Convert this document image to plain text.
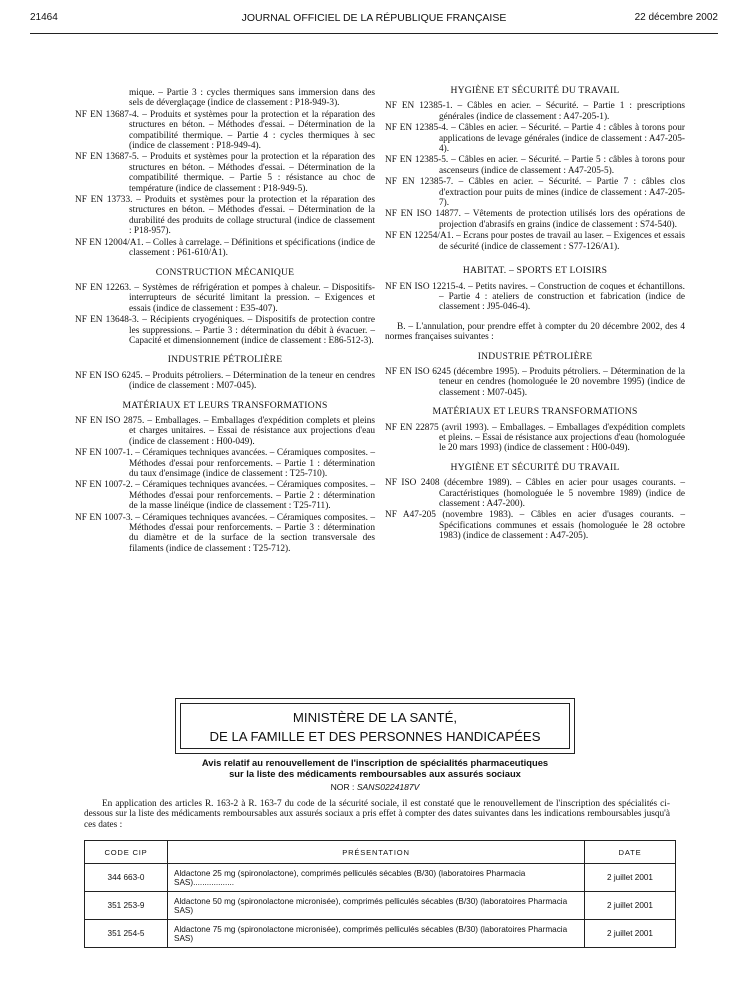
21464	JOURNAL OFFICIEL DE LA RÉPUBLIQUE FRANÇAISE	22 décembre 2002
mique. – Partie 3 : cycles thermiques sans immersion dans des sels de déverglaçage (indice de classement : P18-949-3).
NF EN 13687-4. – Produits et systèmes pour la protection et la réparation des structures en béton. – Méthodes d'essai. – Détermination de la compatibilité thermique. – Partie 4 : cycles thermiques à sec (indice de classement : P18-949-4).
NF EN 13687-5. – Produits et systèmes pour la protection et la réparation des structures en béton. – Méthodes d'essai. – Détermination de la compatibilité thermique. – Partie 5 : résistance au choc de température (indice de classement : P18-949-5).
NF EN 13733. – Produits et systèmes pour la protection et la réparation des structures en béton. – Méthodes d'essai. – Détermination de la durabilité des produits de collage structural (indice de classement : P18-957).
NF EN 12004/A1. – Colles à carrelage. – Définitions et spécifications (indice de classement : P61-610/A1).
CONSTRUCTION MÉCANIQUE
NF EN 12263. – Systèmes de réfrigération et pompes à chaleur. – Dispositifs-interrupteurs de sécurité limitant la pression. – Exigences et essais (indice de classement : E35-407).
NF EN 13648-3. – Récipients cryogéniques. – Dispositifs de protection contre les suppressions. – Partie 3 : détermination du débit à évacuer. – Capacité et dimensionnement (indice de classement : E86-512-3).
INDUSTRIE PÉTROLIÈRE
NF EN ISO 6245. – Produits pétroliers. – Détermination de la teneur en cendres (indice de classement : M07-045).
MATÉRIAUX ET LEURS TRANSFORMATIONS
NF EN ISO 2875. – Emballages. – Emballages d'expédition complets et pleins et charges unitaires. – Essai de résistance aux projections d'eau (indice de classement : H00-049).
NF EN 1007-1. – Céramiques techniques avancées. – Céramiques composites. – Méthodes d'essai pour renforcements. – Partie 1 : détermination du taux d'ensimage (indice de classement : T25-710).
NF EN 1007-2. – Céramiques techniques avancées. – Céramiques composites. – Méthodes d'essai pour renforcements. – Partie 2 : détermination de la masse linéique (indice de classement : T25-711).
NF EN 1007-3. – Céramiques techniques avancées. – Céramiques composites. – Méthodes d'essai pour renforcements. – Partie 3 : détermination du diamètre et de la surface de la section transversale des filaments (indice de classement : T25-712).
HYGIÈNE ET SÉCURITÉ DU TRAVAIL
NF EN 12385-1. – Câbles en acier. – Sécurité. – Partie 1 : prescriptions générales (indice de classement : A47-205-1).
NF EN 12385-4. – Câbles en acier. – Sécurité. – Partie 4 : câbles à torons pour applications de levage générales (indice de classement : A47-205-4).
NF EN 12385-5. – Câbles en acier. – Sécurité. – Partie 5 : câbles à torons pour ascenseurs (indice de classement : A47-205-5).
NF EN 12385-7. – Câbles en acier. – Sécurité. – Partie 7 : câbles clos d'extraction pour puits de mines (indice de classement : A47-205-7).
NF EN ISO 14877. – Vêtements de protection utilisés lors des opérations de projection d'abrasifs en grains (indice de classement : S74-540).
NF EN 12254/A1. – Ecrans pour postes de travail au laser. – Exigences et essais de sécurité (indice de classement : S77-126/A1).
HABITAT. – SPORTS ET LOISIRS
NF EN ISO 12215-4. – Petits navires. – Construction de coques et échantillons. – Partie 4 : ateliers de construction et fabrication (indice de classement : J95-046-4).
B. – L'annulation, pour prendre effet à compter du 20 décembre 2002, des 4 normes françaises suivantes :
INDUSTRIE PÉTROLIÈRE
NF EN ISO 6245 (décembre 1995). – Produits pétroliers. – Détermination de la teneur en cendres (homologuée le 20 novembre 1995) (indice de classement : M07-045).
MATÉRIAUX ET LEURS TRANSFORMATIONS
NF EN 22875 (avril 1993). – Emballages. – Emballages d'expédition complets et pleins. – Essai de résistance aux projections d'eau (homologuée le 20 mars 1993) (indice de classement : H00-049).
HYGIÈNE ET SÉCURITÉ DU TRAVAIL
NF ISO 2408 (décembre 1989). – Câbles en acier pour usages courants. – Caractéristiques (homologuée le 5 novembre 1989) (indice de classement : A47-200).
NF A47-205 (novembre 1983). – Câbles en acier d'usages courants. – Spécifications communes et essais (homologuée le 28 octobre 1983) (indice de classement : A47-205).
MINISTÈRE DE LA SANTÉ,
DE LA FAMILLE ET DES PERSONNES HANDICAPÉES
Avis relatif au renouvellement de l'inscription de spécialités pharmaceutiques
sur la liste des médicaments remboursables aux assurés sociaux
NOR : SANS0224187V
En application des articles R. 163-2 à R. 163-7 du code de la sécurité sociale, il est constaté que le renouvellement de l'inscription des spécialités ci-dessous sur la liste des médicaments remboursables aux assurés sociaux a pris effet à compter des dates suivantes dans les indications remboursables jusqu'à ces dates :
CODE CIP	PRÉSENTATION	DATE
344 663-0	Aldactone 25 mg (spironolactone), comprimés pelliculés sécables (B/30) (laboratoires Pharmacia SAS)..................	2 juillet 2001
351 253-9	Aldactone 50 mg (spironolactone micronisée), comprimés pelliculés sécables (B/30) (laboratoires Pharmacia SAS)	2 juillet 2001
351 254-5	Aldactone 75 mg (spironolactone micronisée), comprimés pelliculés sécables (B/30) (laboratoires Pharmacia SAS)	2 juillet 2001
